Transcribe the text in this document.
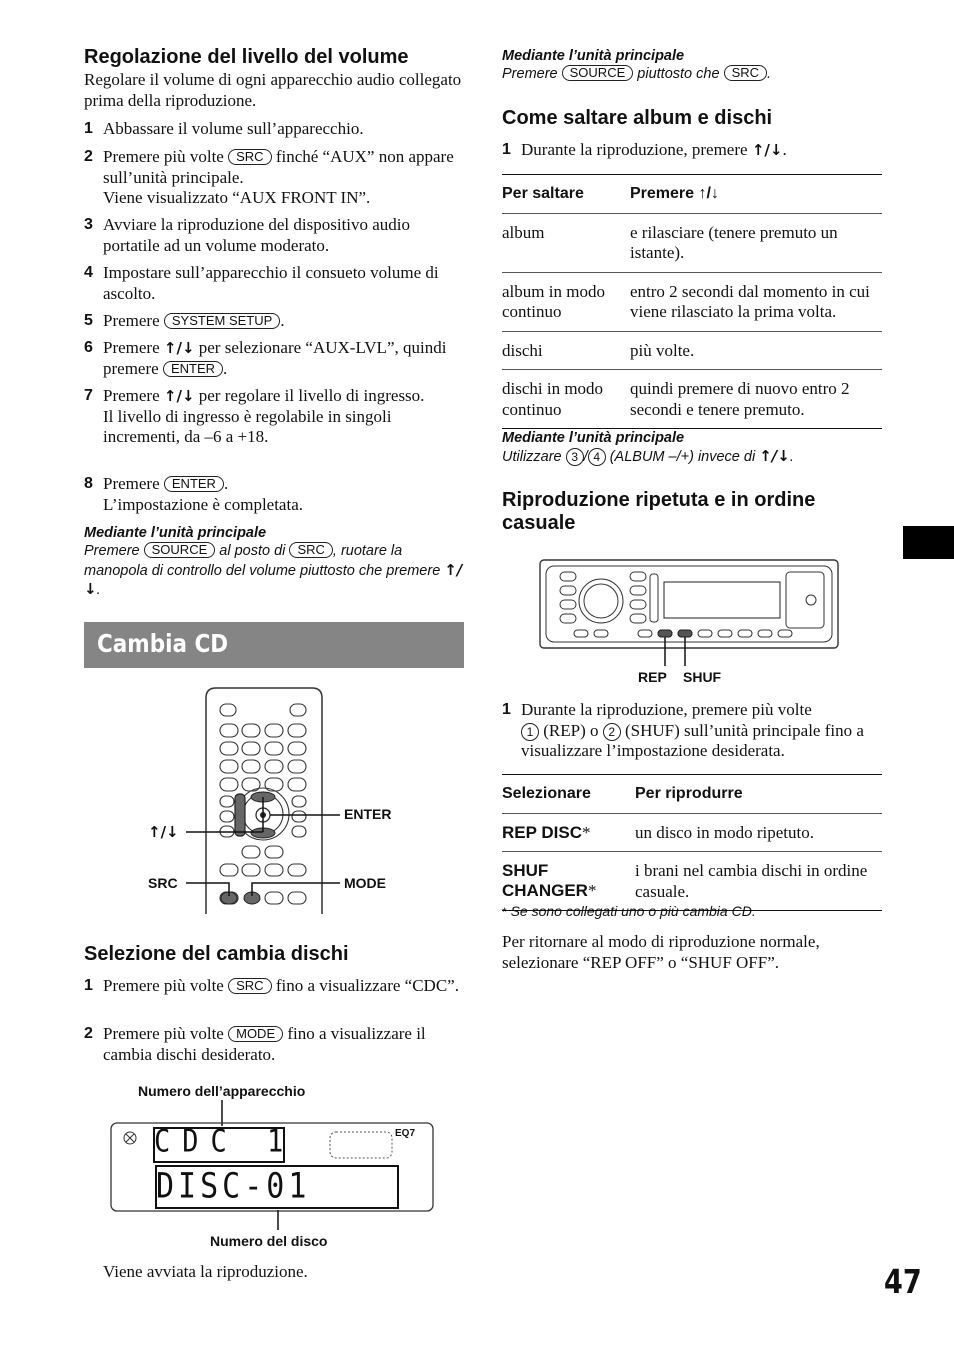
Regolazione del livello del volume
Regolare il volume di ogni apparecchio audio collegato prima della riproduzione.
1 Abbassare il volume sull’apparecchio.
2 Premere più volte SRC finché “AUX” non appare sull’unità principale.
Viene visualizzato “AUX FRONT IN”.
3 Avviare la riproduzione del dispositivo audio portatile ad un volume moderato.
4 Impostare sull’apparecchio il consueto volume di ascolto.
5 Premere SYSTEM SETUP .
6 Premere ↑/↓ per selezionare “AUX-LVL”, quindi premere ENTER .
7 Premere ↑/↓ per regolare il livello di ingresso.
Il livello di ingresso è regolabile in singoli incrementi, da –6 a +18.
8 Premere ENTER .
L’impostazione è completata.
Mediante l’unità principale
Premere SOURCE al posto di SRC , ruotare la manopola di controllo del volume piuttosto che premere ↑/↓.
Cambia CD
ENTER
↑/↓
SRC	MODE
Selezione del cambia dischi
1 Premere più volte SRC fino a visualizzare “CDC”.
2 Premere più volte MODE fino a visualizzare il cambia dischi desiderato.
Numero dell’apparecchio
CDC 1
DISC-01
EQ7
Numero del disco
Viene avviata la riproduzione.
Mediante l’unità principale
Premere SOURCE piuttosto che SRC .
Come saltare album e dischi
1 Durante la riproduzione, premere ↑/↓.
Per saltare	Premere ↑/↓
album	e rilasciare (tenere premuto un istante).
album in modo continuo	entro 2 secondi dal momento in cui viene rilasciato la prima volta.
dischi	più volte.
dischi in modo continuo	quindi premere di nuovo entro 2 secondi e tenere premuto.
Mediante l’unità principale
Utilizzare 3 / 4 (ALBUM –/+) invece di ↑/↓.
Riproduzione ripetuta e in ordine casuale
REP SHUF
1 Durante la riproduzione, premere più volte
1 (REP) o 2 (SHUF) sull’unità principale fino a visualizzare l’impostazione desiderata.
Selezionare	Per riprodurre
REP DISC*	un disco in modo ripetuto.
SHUF CHANGER*	i brani nel cambia dischi in ordine casuale.
* Se sono collegati uno o più cambia CD.
Per ritornare al modo di riproduzione normale, selezionare “REP OFF” o “SHUF OFF”.
47
